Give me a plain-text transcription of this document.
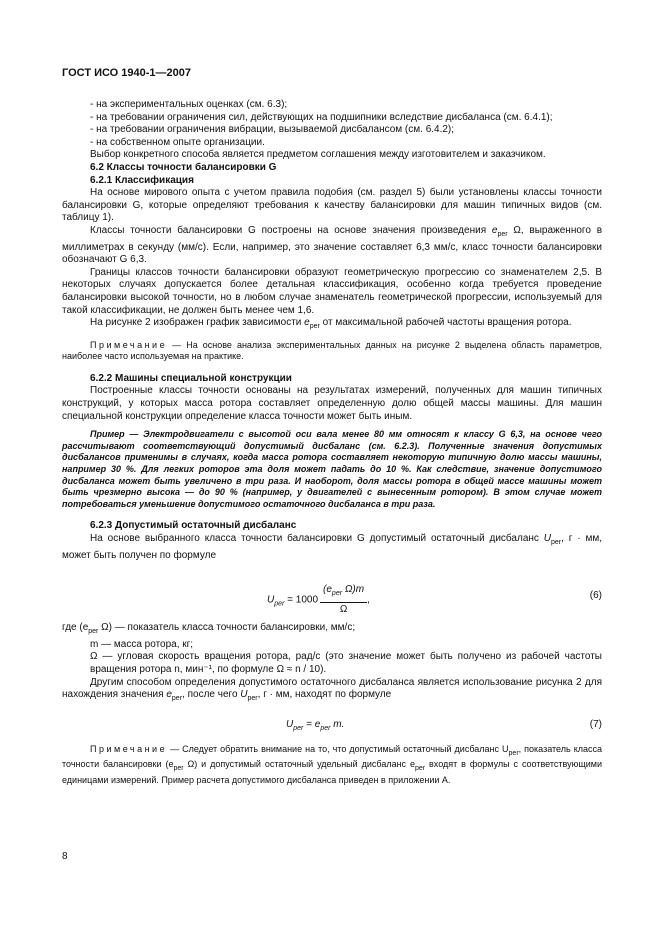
ГОСТ ИСО 1940-1—2007

- на экспериментальных оценках (см. 6.3);

- на требовании ограничения сил, действующих на подшипники вследствие дисбаланса (см. 6.4.1);

- на требовании ограничения вибрации, вызываемой дисбалансом (см. 6.4.2);

- на собственном опыте организации.

Выбор конкретного способа является предметом соглашения между изготовителем и заказчиком.

6.2 Классы точности балансировки G

6.2.1 Классификация

На основе мирового опыта с учетом правила подобия (см. раздел 5) были установлены классы точности балансировки G, которые определяют требования к качеству балансировки для машин типичных видов (см. таблицу 1).

Классы точности балансировки G построены на основе значения произведения $e_{per}$ Ω, выраженного в миллиметрах в секунду (мм/с). Если, например, это значение составляет 6,3 мм/с, класс точности балансировки обозначают G 6,3.

Границы классов точности балансировки образуют геометрическую прогрессию со знаменателем 2,5. В некоторых случаях допускается более детальная классификация, особенно когда требуется проведение балансировки высокой точности, но в любом случае знаменатель геометрической прогрессии, используемый для такой классификации, не должен быть менее чем 1,6.

На рисунке 2 изображен график зависимости $e_{per}$ от максимальной рабочей частоты вращения ротора.

Примечание — На основе анализа экспериментальных данных на рисунке 2 выделена область параметров, наиболее часто используемая на практике.

6.2.2 Машины специальной конструкции

Построенные классы точности основаны на результатах измерений, полученных для машин типичных конструкций, у которых масса ротора составляет определенную долю общей массы машины. Для машин специальной конструкции определение класса точности может быть иным.

Пример — Электродвигатели с высотой оси вала менее 80 мм относят к классу G 6,3, на основе чего рассчитывают соответствующий допустимый дисбаланс (см. 6.2.3). Полученные значения допустимых дисбалансов применимы в случаях, когда масса ротора составляет некоторую типичную долю массы машины, например 30 %. Для легких роторов эта доля может падать до 10 %. Как следствие, значение допустимого дисбаланса может быть увеличено в три раза. И наоборот, доля массы ротора в общей массе машины может быть чрезмерно высока — до 90 % (например, у двигателей с вынесенным ротором). В этом случае может потребоваться уменьшение допустимого остаточного дисбаланса в три раза.

6.2.3 Допустимый остаточный дисбаланс

На основе выбранного класса точности балансировки G допустимый остаточный дисбаланс $U_{per}$, г · мм, может быть получен по формуле

$U_{per} = 1000 \frac{(e_{per} \Omega)m}{\Omega}$ ,	(6)

где ($e_{per}$ Ω) — показатель класса точности балансировки, мм/с;

m — масса ротора, кг;

Ω — угловая скорость вращения ротора, рад/с (это значение может быть получено из рабочей частоты вращения ротора n, мин⁻¹, по формуле Ω ≈ n / 10).

Другим способом определения допустимого остаточного дисбаланса является использование рисунка 2 для нахождения значения $e_{per}$, после чего $U_{per}$, г · мм, находят по формуле

$U_{per} = e_{per}$ m.	(7)

Примечание — Следует обратить внимание на то, что допустимый остаточный дисбаланс $U_{per}$, показатель класса точности балансировки ($e_{per}$ Ω) и допустимый остаточный удельный дисбаланс $e_{per}$ входят в формулы с соответствующими единицами измерений. Пример расчета допустимого дисбаланса приведен в приложении А.

8
